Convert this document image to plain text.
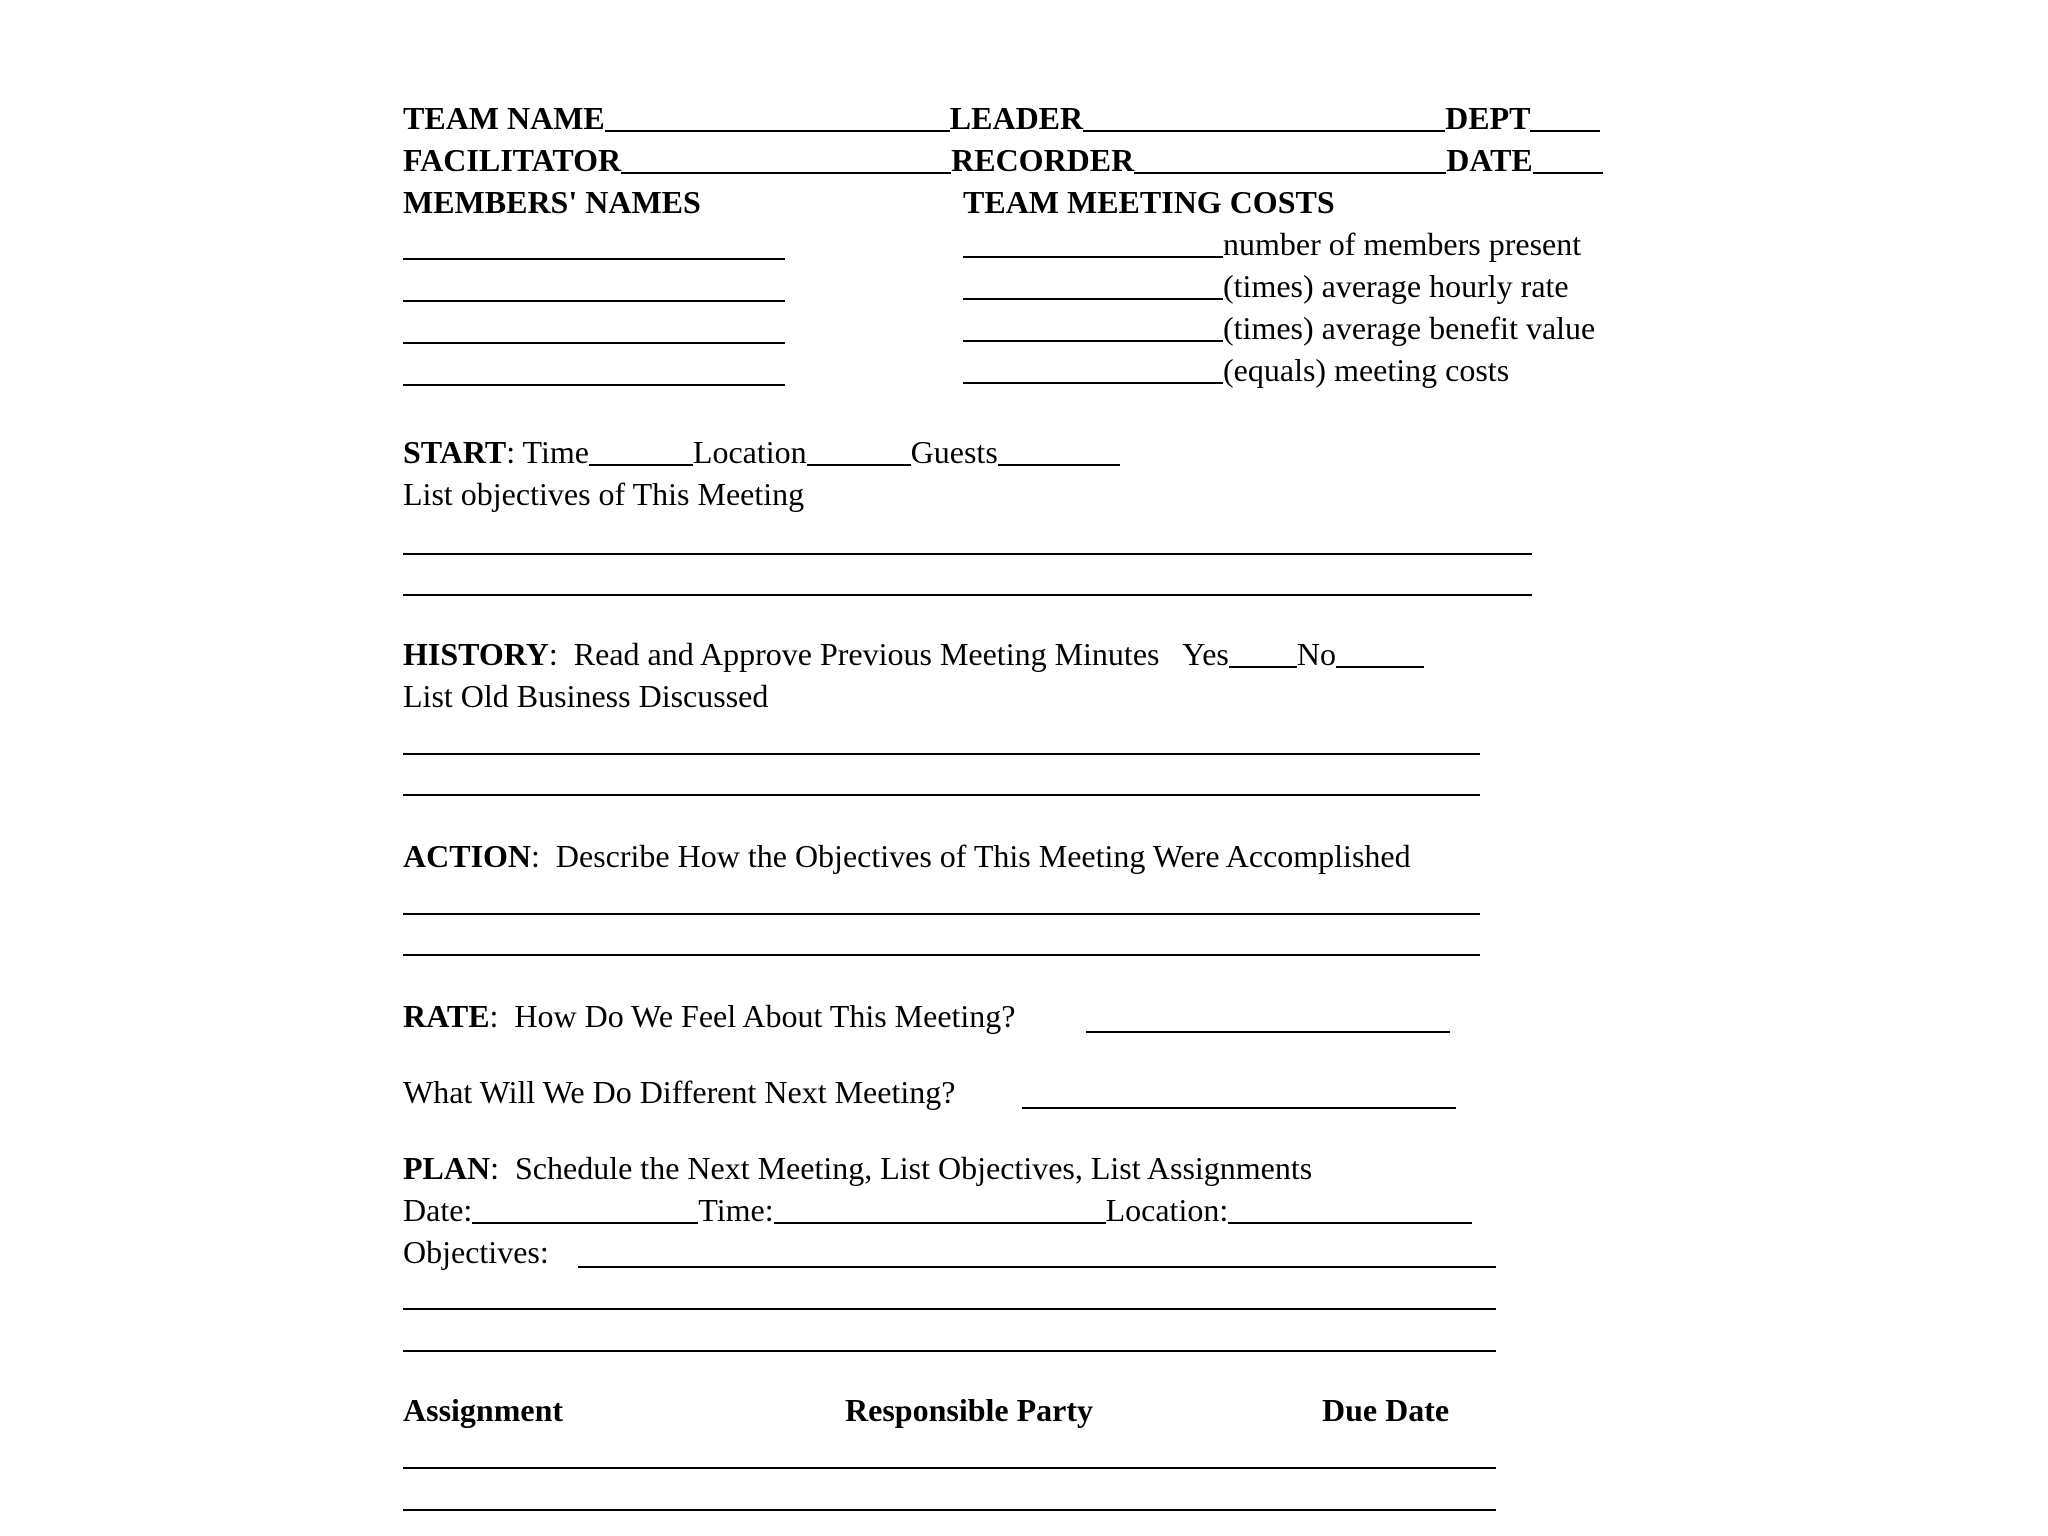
TEAM NAME	LEADER	DEPT
FACILITATOR	RECORDER	DATE
MEMBERS' NAMES	TEAM MEETING COSTS
number of members present
(times) average hourly rate
(times) average benefit value
(equals) meeting costs
START: Time	Location	Guests
List objectives of This Meeting
HISTORY:  Read and Approve Previous Meeting Minutes   Yes No
List Old Business Discussed
ACTION:  Describe How the Objectives of This Meeting Were Accomplished
RATE:  How Do We Feel About This Meeting?
What Will We Do Different Next Meeting?
PLAN:  Schedule the Next Meeting, List Objectives, List Assignments
Date:	Time:	Location:
Objectives:
Assignment	Responsible Party	Due Date
